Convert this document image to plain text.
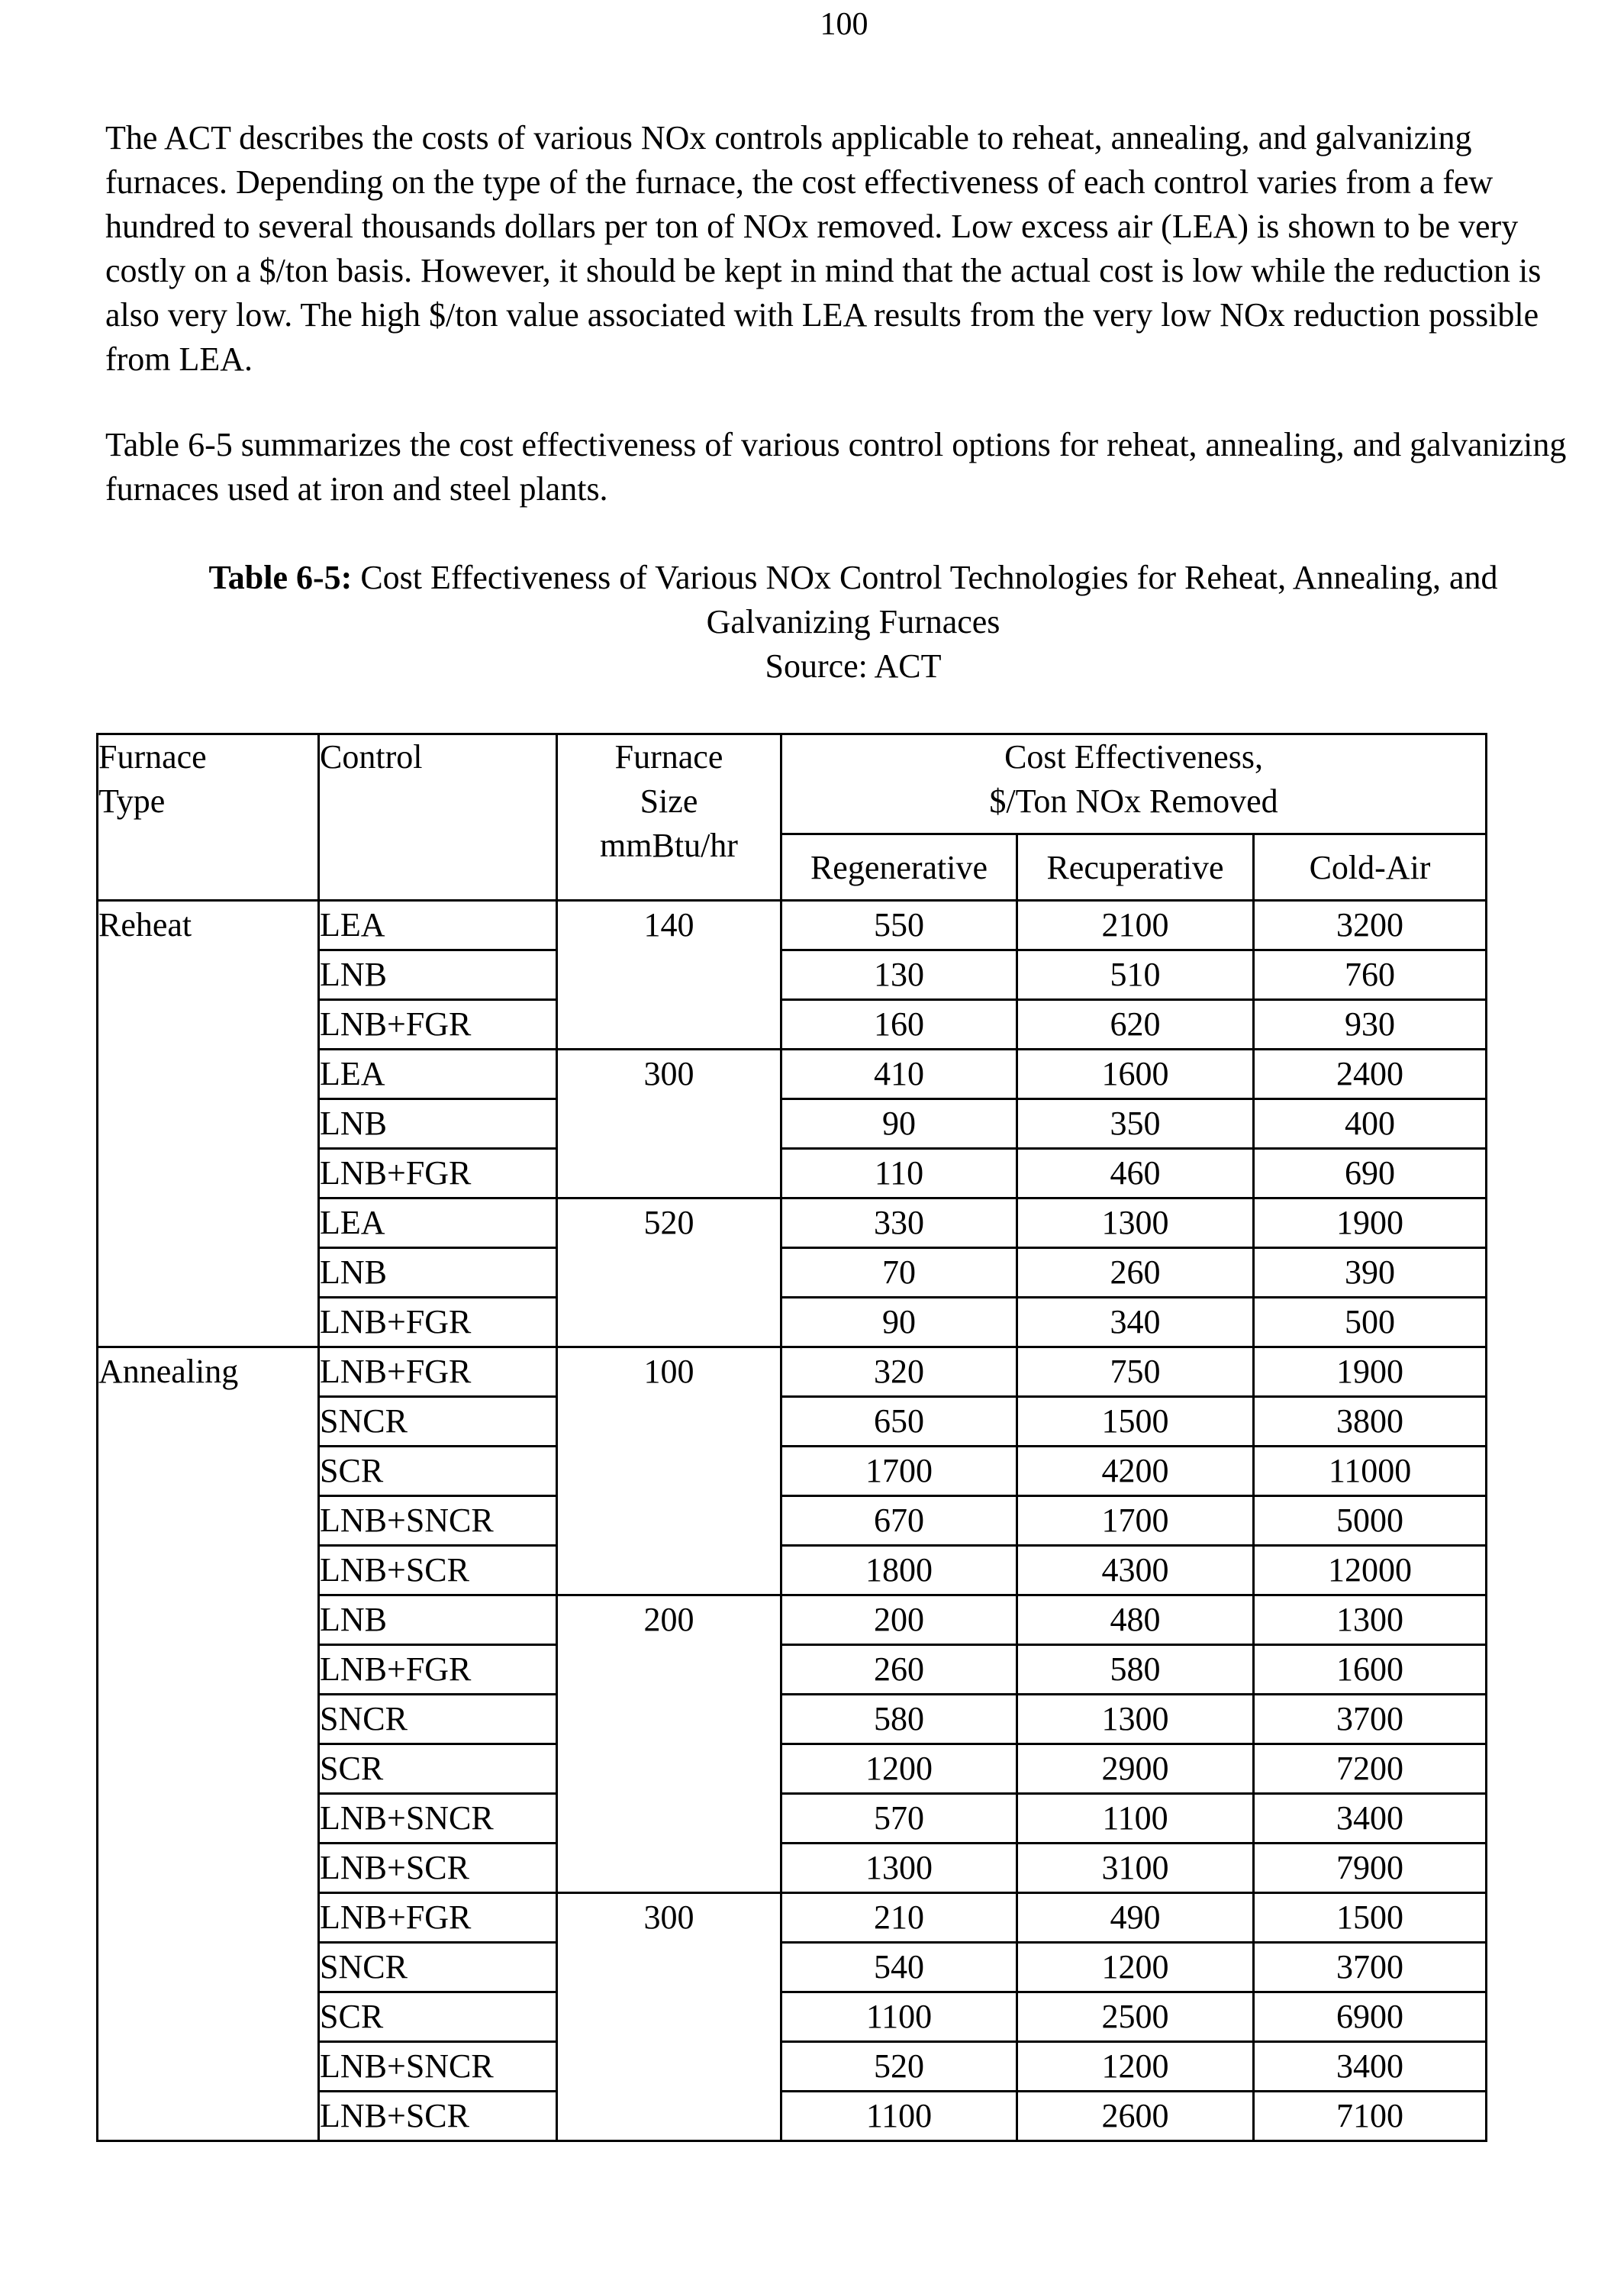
100

The ACT describes the costs of various NOx controls applicable to reheat, annealing, and galvanizing furnaces. Depending on the type of the furnace, the cost effectiveness of each control varies from a few hundred to several thousands dollars per ton of NOx removed. Low excess air (LEA) is shown to be very costly on a $/ton basis. However, it should be kept in mind that the actual cost is low while the reduction is also very low. The high $/ton value associated with LEA results from the very low NOx reduction possible from LEA.

Table 6-5 summarizes the cost effectiveness of various control options for reheat, annealing, and galvanizing furnaces used at iron and steel plants.

Table 6-5: Cost Effectiveness of Various NOx Control Technologies for Reheat, Annealing, and
Galvanizing Furnaces
Source: ACT
Furnace
Type	Control	Furnace
Size
mmBtu/hr	Cost Effectiveness,
$/Ton NOx Removed		

			Regenerative	Recuperative	Cold-Air
Reheat	LEA	140	550	2100	3200
	LNB		130	510	760
	LNB+FGR		160	620	930
	LEA	300	410	1600	2400
	LNB		90	350	400
	LNB+FGR		110	460	690
	LEA	520	330	1300	1900
	LNB		70	260	390
	LNB+FGR		90	340	500
Annealing	LNB+FGR	100	320	750	1900
	SNCR		650	1500	3800
	SCR		1700	4200	11000
	LNB+SNCR		670	1700	5000
	LNB+SCR		1800	4300	12000
	LNB	200	200	480	1300
	LNB+FGR		260	580	1600
	SNCR		580	1300	3700
	SCR		1200	2900	7200
	LNB+SNCR		570	1100	3400
	LNB+SCR		1300	3100	7900
	LNB+FGR	300	210	490	1500
	SNCR		540	1200	3700
	SCR		1100	2500	6900
	LNB+SNCR		520	1200	3400
	LNB+SCR		1100	2600	7100
